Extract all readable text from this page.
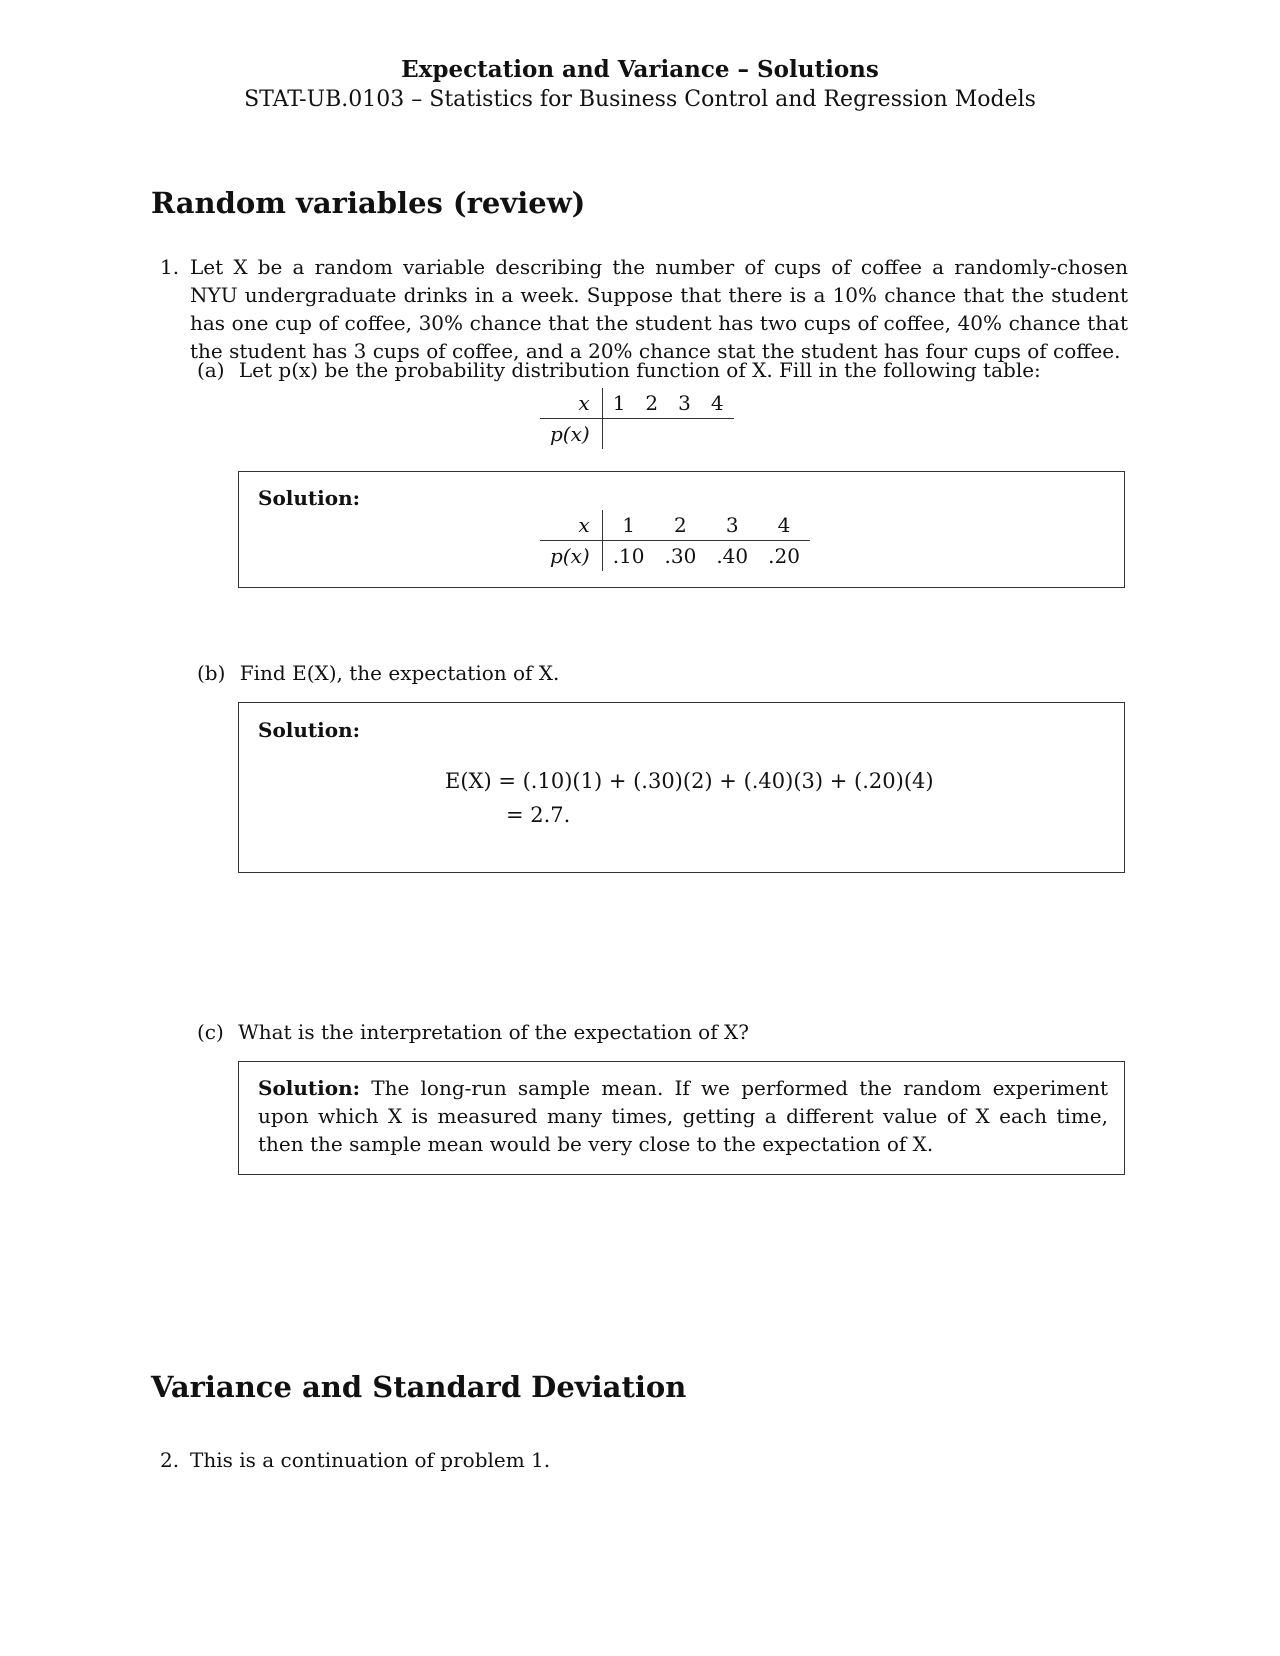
Expectation and Variance – Solutions
STAT-UB.0103 – Statistics for Business Control and Regression Models
Random variables (review)
1. Let X be a random variable describing the number of cups of coffee a randomly-chosen NYU undergraduate drinks in a week. Suppose that there is a 10% chance that the student has one cup of coffee, 30% chance that the student has two cups of coffee, 40% chance that the student has 3 cups of coffee, and a 20% chance stat the student has four cups of coffee.
(a) Let p(x) be the probability distribution function of X. Fill in the following table:
x	1	2	3	4
p(x)				
Solution:
x	1	2	3	4
p(x)	.10	.30	.40	.20
(b) Find E(X), the expectation of X.
Solution:
E(X) = (.10)(1) + (.30)(2) + (.40)(3) + (.20)(4)
= 2.7.
(c) What is the interpretation of the expectation of X?
Solution: The long-run sample mean. If we performed the random experiment upon which X is measured many times, getting a different value of X each time, then the sample mean would be very close to the expectation of X.
Variance and Standard Deviation
2. This is a continuation of problem 1.
